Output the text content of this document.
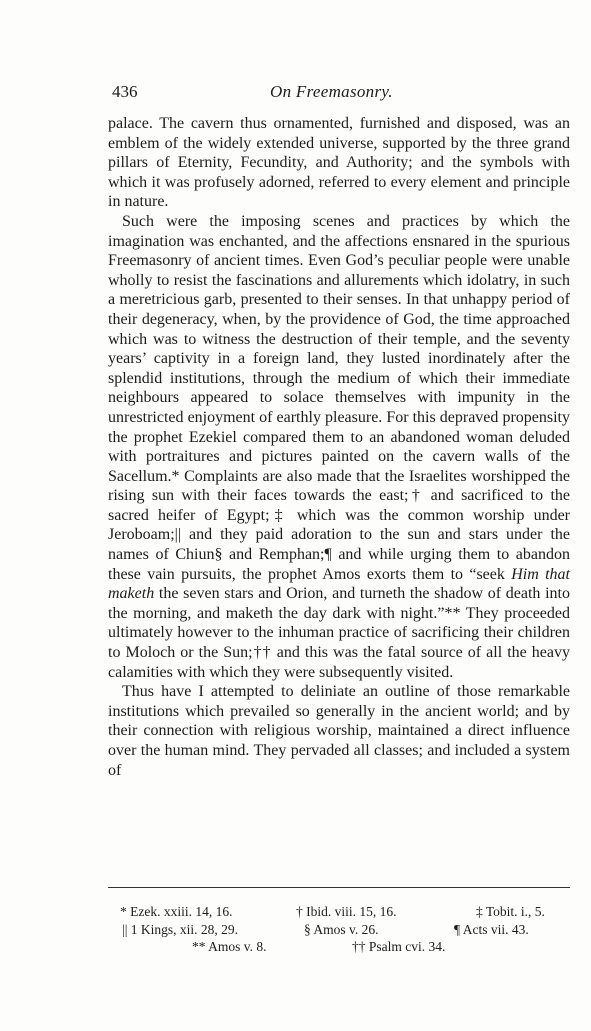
436	On Freemasonry.

palace. The cavern thus ornamented, furnished and disposed, was an emblem of the widely extended universe, supported by the three grand pillars of Eternity, Fecundity, and Authority; and the symbols with which it was profusely adorned, referred to every element and principle in nature.

Such were the imposing scenes and practices by which the imagination was enchanted, and the affections ensnared in the spurious Freemasonry of ancient times. Even God’s peculiar people were unable wholly to resist the fascinations and allurements which idolatry, in such a meretricious garb, presented to their senses. In that unhappy period of their degeneracy, when, by the providence of God, the time approached which was to witness the destruction of their temple, and the seventy years’ captivity in a foreign land, they lusted inordinately after the splendid institutions, through the medium of which their immediate neighbours appeared to solace themselves with impunity in the unrestricted enjoyment of earthly pleasure. For this depraved propensity the prophet Ezekiel compared them to an abandoned woman deluded with portraitures and pictures painted on the cavern walls of the Sacellum.* Complaints are also made that the Israelites worshipped the rising sun with their faces towards the east;† and sacrificed to the sacred heifer of Egypt;‡ which was the common worship under Jeroboam;|| and they paid adoration to the sun and stars under the names of Chiun§ and Remphan;¶ and while urging them to abandon these vain pursuits, the prophet Amos exorts them to “seek Him that maketh the seven stars and Orion, and turneth the shadow of death into the morning, and maketh the day dark with night.”** They proceeded ultimately however to the inhuman practice of sacrificing their children to Moloch or the Sun;†† and this was the fatal source of all the heavy calamities with which they were subsequently visited.

Thus have I attempted to deliniate an outline of those remarkable institutions which prevailed so generally in the ancient world; and by their connection with religious worship, maintained a direct influence over the human mind. They pervaded all classes; and included a system of

* Ezek. xxiii. 14, 16.	† Ibid. viii. 15, 16.	‡ Tobit. i., 5.
|| 1 Kings, xii. 28, 29.	§ Amos v. 26.	¶ Acts vii. 43.
** Amos v. 8.	†† Psalm cvi. 34.
